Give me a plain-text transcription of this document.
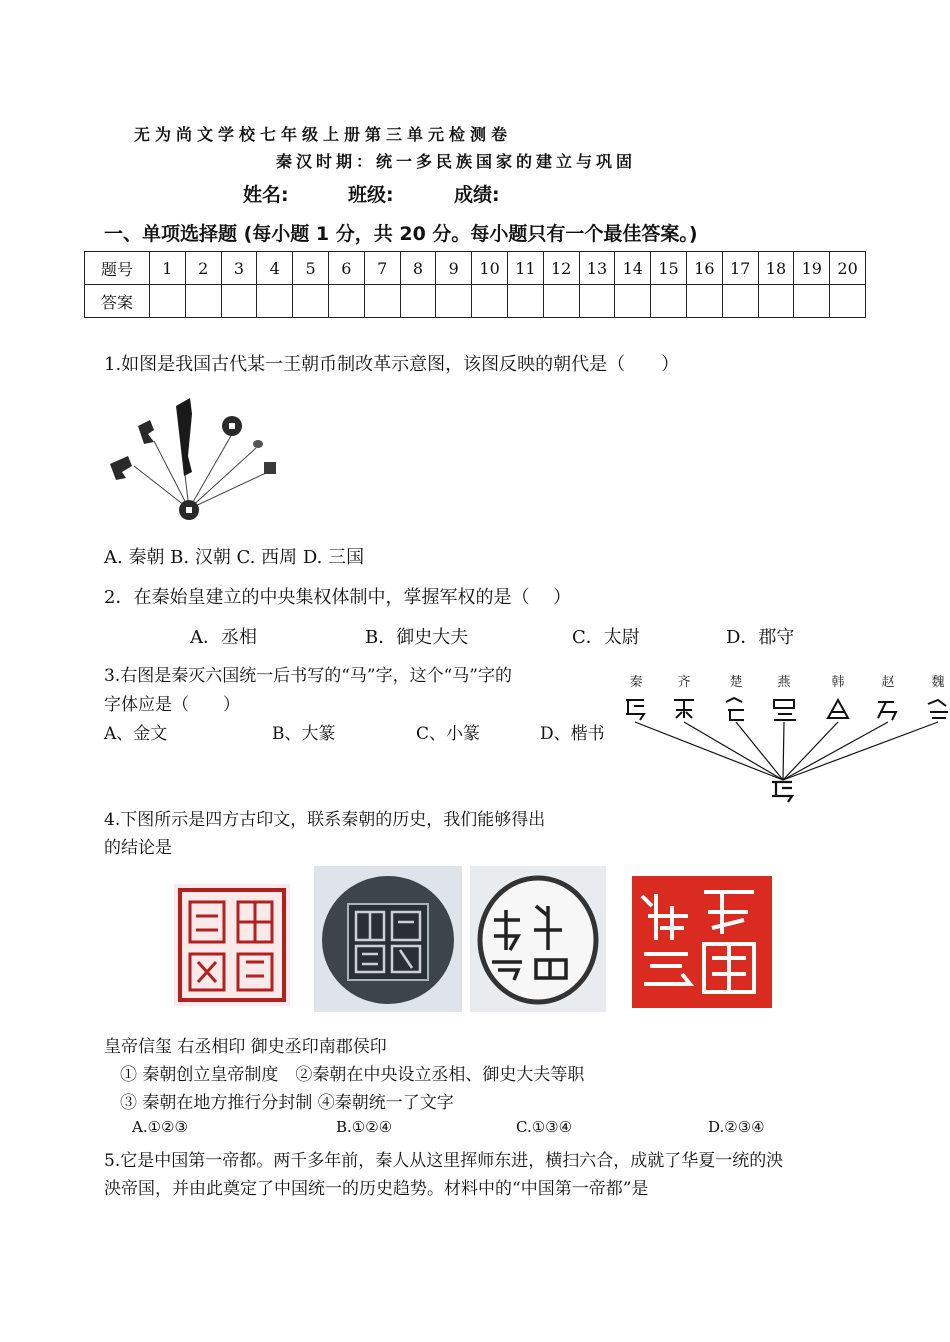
无为尚文学校七年级上册第三单元检测卷
秦汉时期：统一多民族国家的建立与巩固
姓名:	班级:	成绩:
一、单项选择题 (每小题 1 分，共 20 分。每小题只有一个最佳答案。)
题号	1	2	3	4	5	6	7	8	9	10	11	12	13	14	15	16	17	18	19	20
答案																				
1.如图是我国古代某一王朝币制改革示意图，该图反映的朝代是（　　）
A. 秦朝 B. 汉朝 C. 西周 D. 三国
2．在秦始皇建立的中央集权体制中，掌握军权的是（　 ）
A．丞相	B．御史大夫	C．太尉	D．郡守
3.右图是秦灭六国统一后书写的“马”字，这个“马”字的
字体应是（　　）
A、金文	B、大篆	C、小篆	D、楷书
秦	齐	楚	燕	韩	赵	魏
4.下图所示是四方古印文，联系秦朝的历史，我们能够得出
的结论是
皇帝信玺 右丞相印 御史丞印南郡侯印
① 秦朝创立皇帝制度　②秦朝在中央设立丞相、御史大夫等职
③ 秦朝在地方推行分封制 ④秦朝统一了文字
A.①②③	B.①②④	C.①③④	D.②③④
5.它是中国第一帝都。两千多年前，秦人从这里挥师东进，横扫六合，成就了华夏一统的泱
泱帝国，并由此奠定了中国统一的历史趋势。材料中的“中国第一帝都”是
